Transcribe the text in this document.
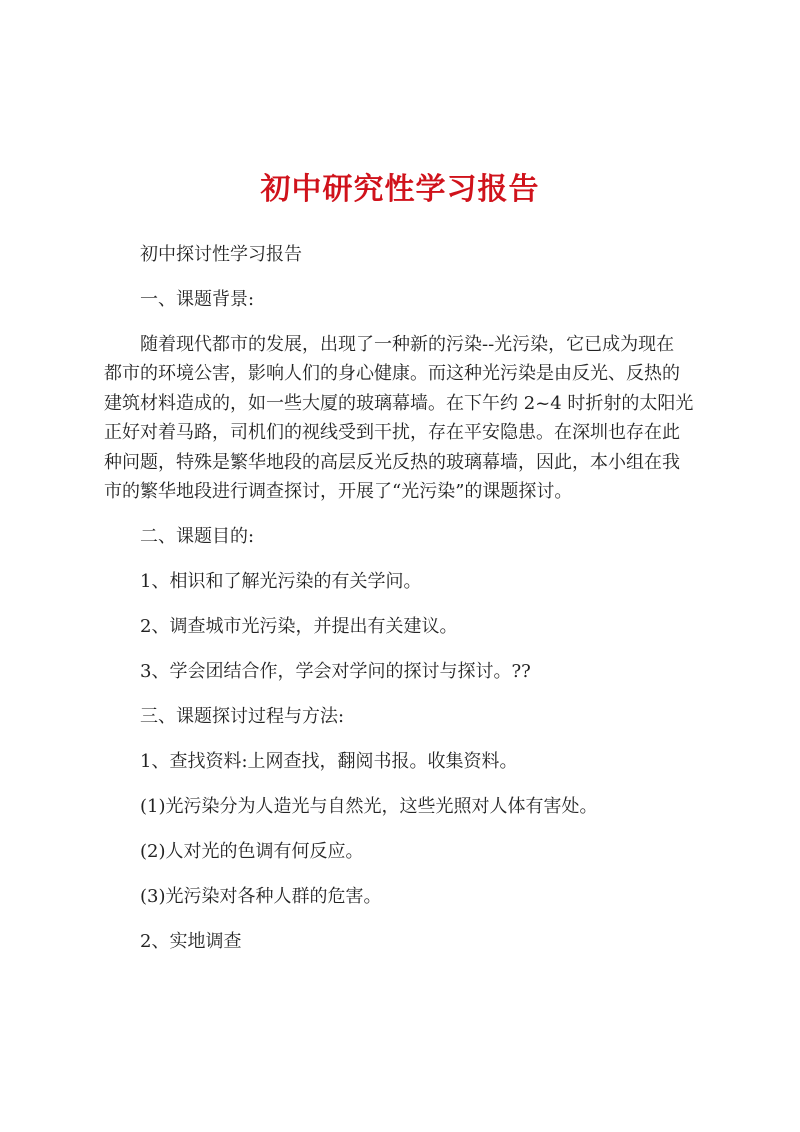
初中研究性学习报告

初中探讨性学习报告

一、课题背景:

随着现代都市的发展，出现了一种新的污染--光污染，它已成为现在
都市的环境公害，影响人们的身心健康。而这种光污染是由反光、反热的
建筑材料造成的，如一些大厦的玻璃幕墙。在下午约 2~4 时折射的太阳光
正好对着马路，司机们的视线受到干扰，存在平安隐患。在深圳也存在此
种问题，特殊是繁华地段的高层反光反热的玻璃幕墙，因此，本小组在我
市的繁华地段进行调查探讨，开展了“光污染”的课题探讨。

二、课题目的:

1、相识和了解光污染的有关学问。

2、调查城市光污染，并提出有关建议。

3、学会团结合作，学会对学问的探讨与探讨。??

三、课题探讨过程与方法:

1、查找资料:上网查找，翻阅书报。收集资料。

(1)光污染分为人造光与自然光，这些光照对人体有害处。

(2)人对光的色调有何反应。

(3)光污染对各种人群的危害。

2、实地调查
